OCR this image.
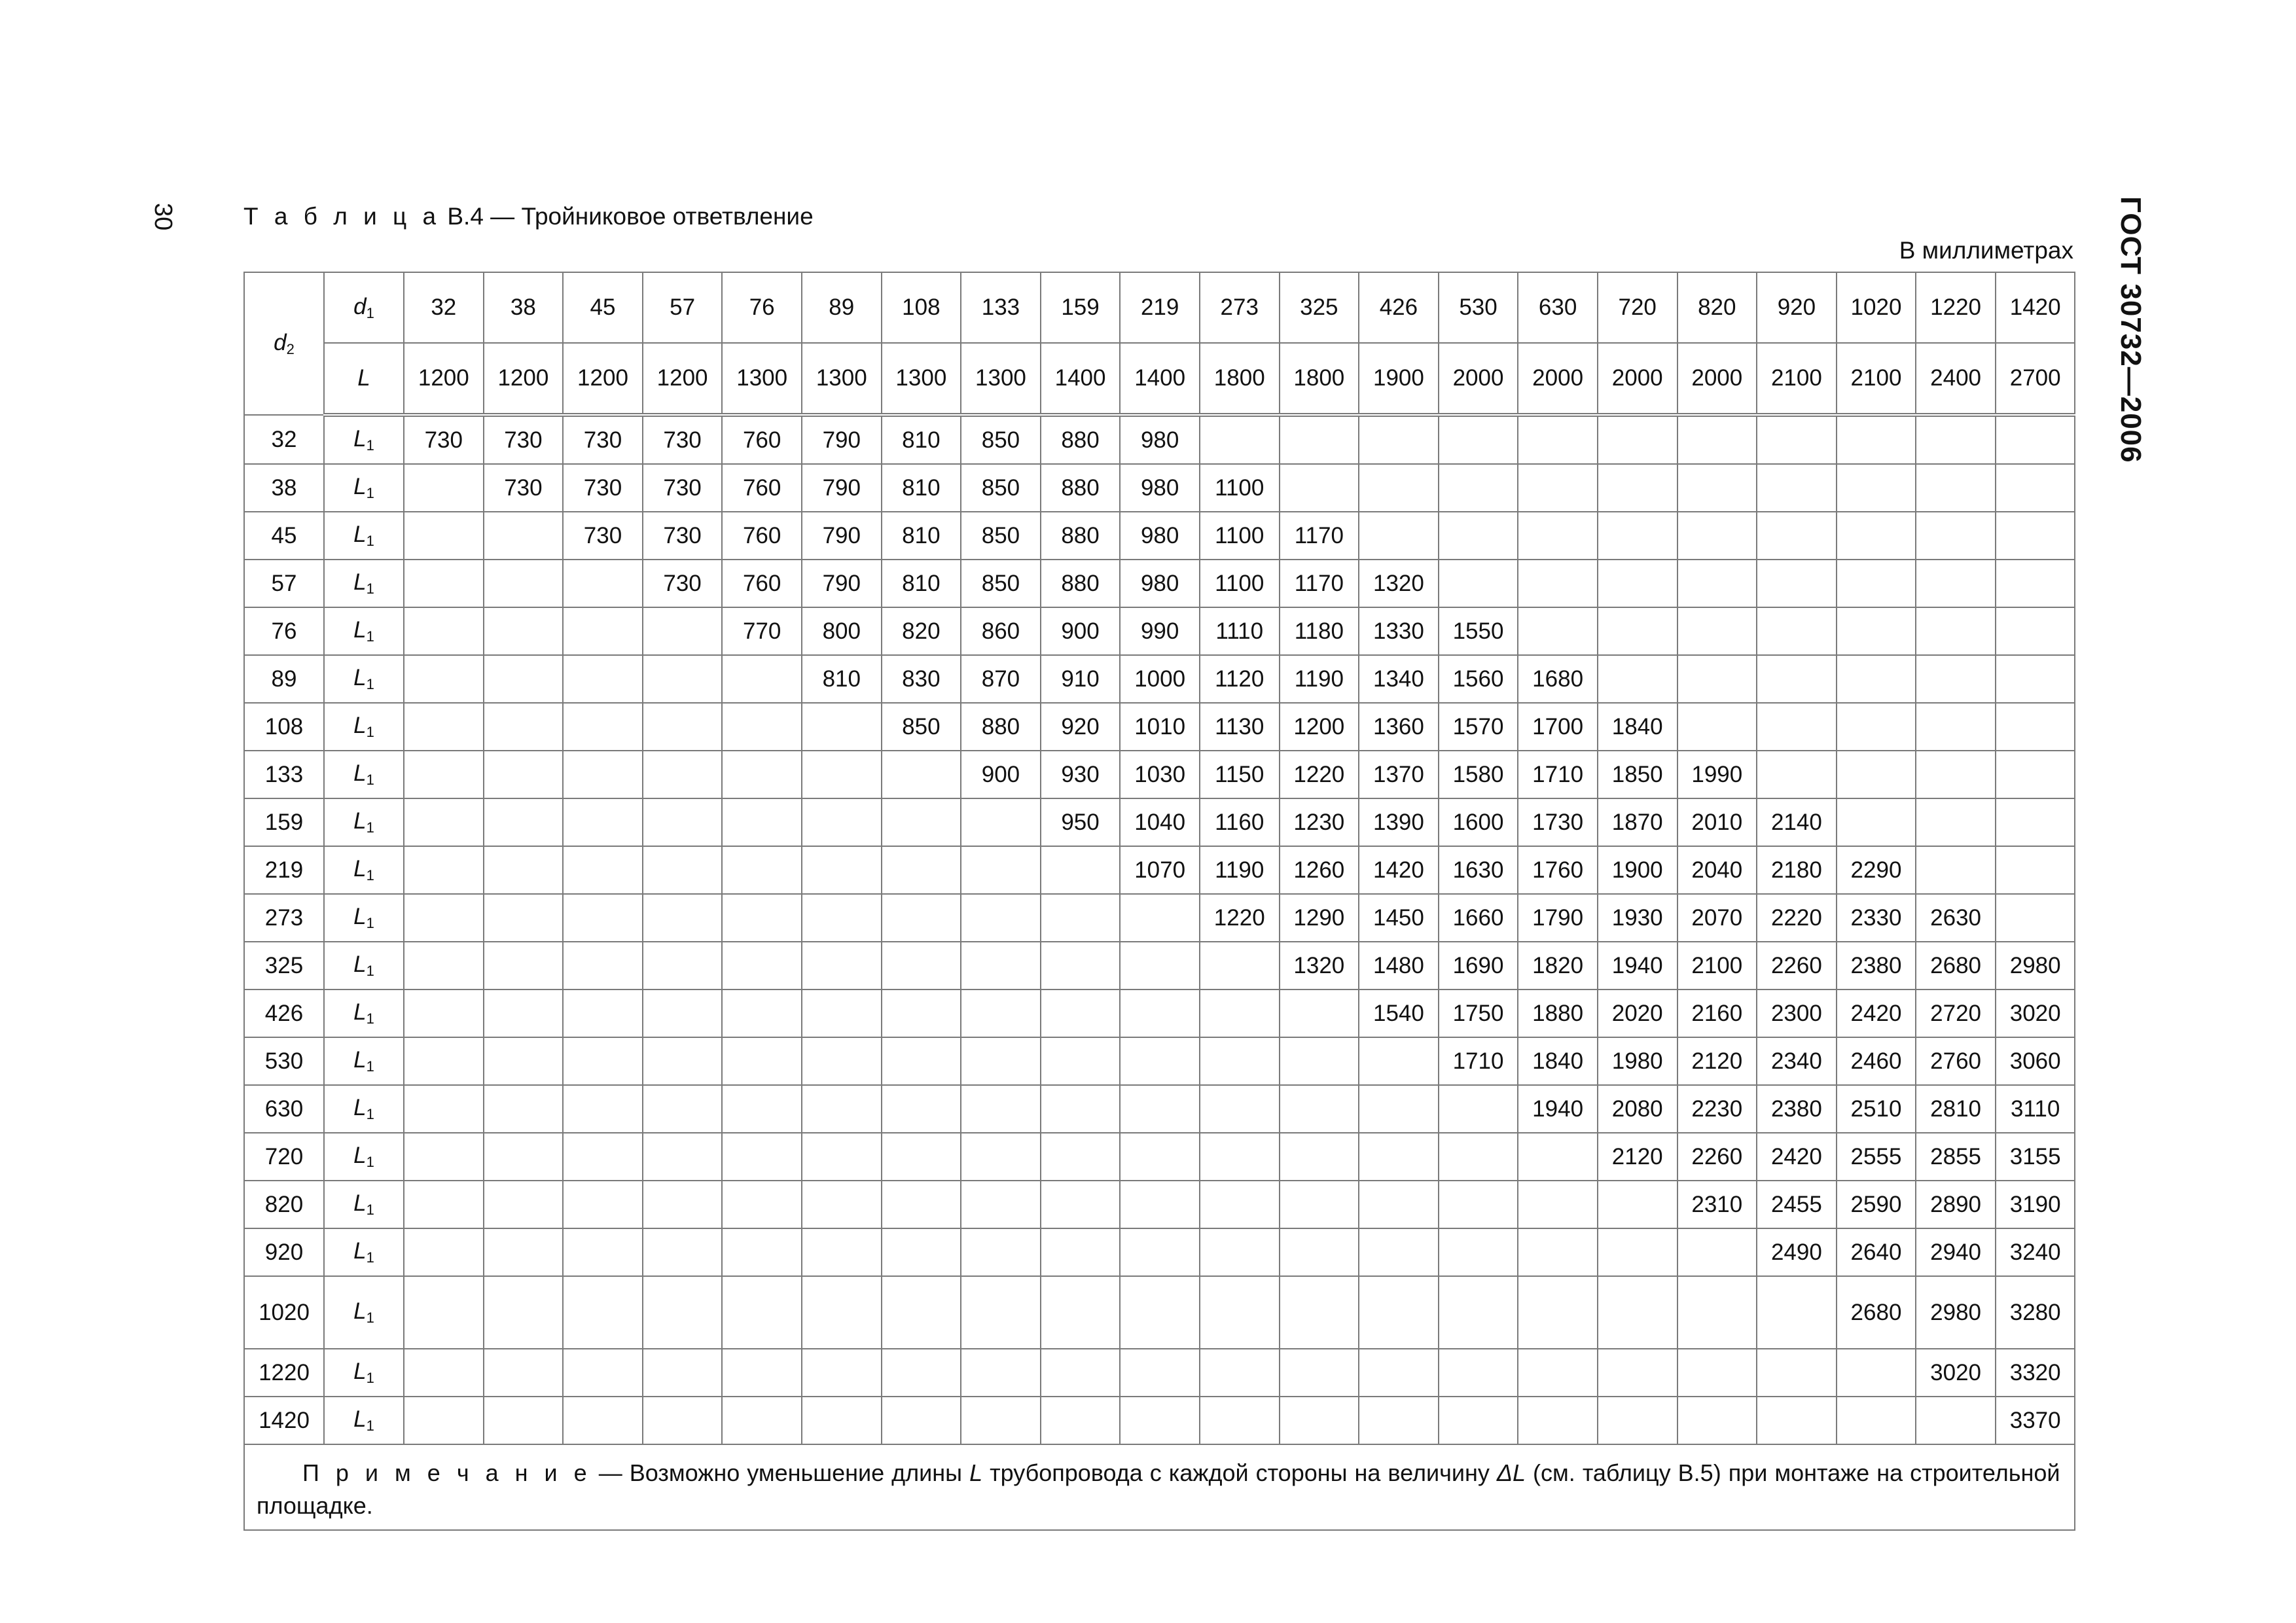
30	ГОСТ 30732—2006
Т а б л и ц а В.4 — Тройниковое ответвление
В миллиметрах
$d_2$	$d_1$	32	38	45	57	76	89	108	133	159	219	273	325	426	530	630	720	820	920	1020	1220	1420
	L	1200	1200	1200	1200	1300	1300	1300	1300	1400	1400	1800	1800	1900	2000	2000	2000	2000	2100	2100	2400	2700
32	$L_1$	730	730	730	730	760	790	810	850	880	980											
38	$L_1$		730	730	730	760	790	810	850	880	980	1100										
45	$L_1$			730	730	760	790	810	850	880	980	1100	1170									
57	$L_1$				730	760	790	810	850	880	980	1100	1170	1320								
76	$L_1$					770	800	820	860	900	990	1110	1180	1330	1550							
89	$L_1$						810	830	870	910	1000	1120	1190	1340	1560	1680						
108	$L_1$							850	880	920	1010	1130	1200	1360	1570	1700	1840					
133	$L_1$								900	930	1030	1150	1220	1370	1580	1710	1850	1990				
159	$L_1$									950	1040	1160	1230	1390	1600	1730	1870	2010	2140			
219	$L_1$										1070	1190	1260	1420	1630	1760	1900	2040	2180	2290		
273	$L_1$											1220	1290	1450	1660	1790	1930	2070	2220	2330	2630	
325	$L_1$												1320	1480	1690	1820	1940	2100	2260	2380	2680	2980
426	$L_1$													1540	1750	1880	2020	2160	2300	2420	2720	3020
530	$L_1$														1710	1840	1980	2120	2340	2460	2760	3060
630	$L_1$															1940	2080	2230	2380	2510	2810	3110
720	$L_1$																2120	2260	2420	2555	2855	3155
820	$L_1$																	2310	2455	2590	2890	3190
920	$L_1$																		2490	2640	2940	3240
1020	$L_1$																			2680	2980	3280
1220	$L_1$																				3020	3320
1420	$L_1$																					3370
П р и м е ч а н и е — Возможно уменьшение длины L трубопровода с каждой стороны на величину ΔL (см. таблицу В.5) при монтаже на строительной площадке.																						
